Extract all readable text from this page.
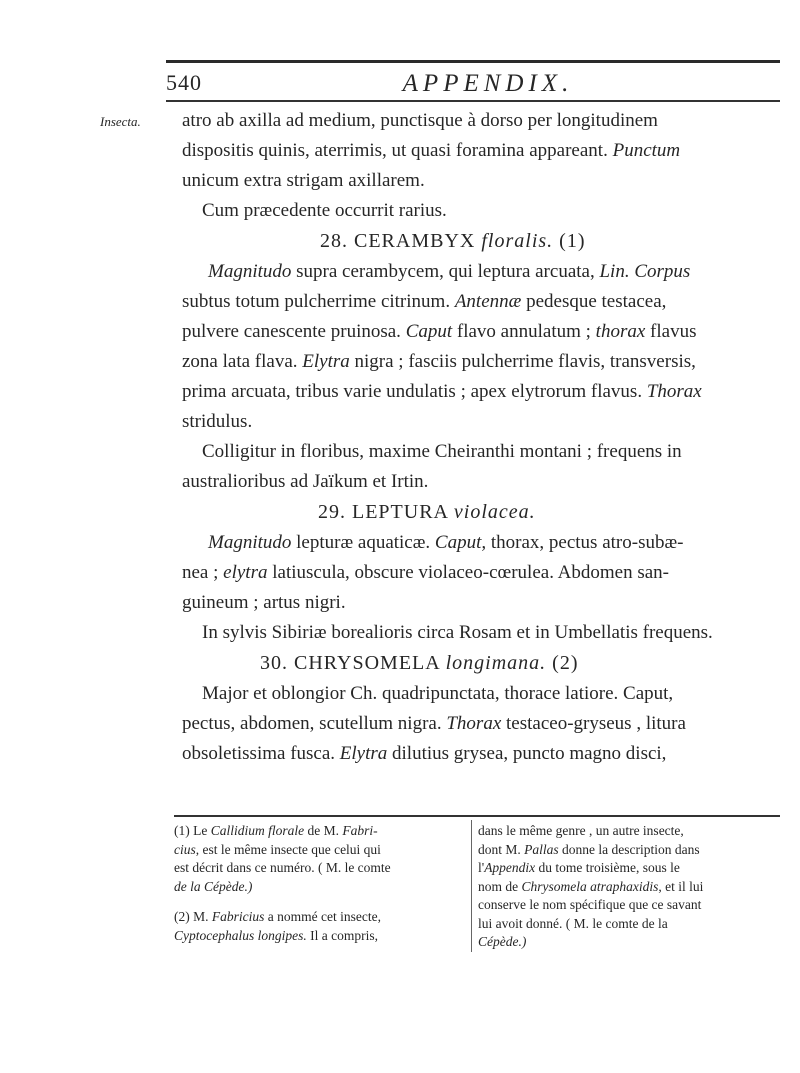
540	APPENDIX.
Insecta. atro ab axilla ad medium, punctisque à dorso per longitudinem
dispositis quinis, aterrimis, ut quasi foramina appareant. Punctum
unicum extra strigam axillarem.
Cum præcedente occurrit rarius.
28. CERAMBYX floralis. (1)
Magnitudo supra cerambycem, qui leptura arcuata, Lin. Corpus
subtus totum pulcherrime citrinum. Antennæ pedesque testacea,
pulvere canescente pruinosa. Caput flavo annulatum ; thorax flavus
zona lata flava. Elytra nigra ; fasciis pulcherrime flavis, transversis,
prima arcuata, tribus varie undulatis ; apex elytrorum flavus. Thorax
stridulus.
Colligitur in floribus, maxime Cheiranthi montani ; frequens in
australioribus ad Jaïkum et Irtin.
29. LEPTURA violacea.
Magnitudo lepturæ aquaticæ. Caput, thorax, pectus atro-subæ-
nea ; elytra latiuscula, obscure violaceo-cœrulea. Abdomen san-
guineum ; artus nigri.
In sylvis Sibiriæ borealioris circa Rosam et in Umbellatis frequens.
30. CHRYSOMELA longimana. (2)
Major et oblongior Ch. quadripunctata, thorace latiore. Caput,
pectus, abdomen, scutellum nigra. Thorax testaceo-gryseus , litura
obsoletissima fusca. Elytra dilutius grysea, puncto magno disci,
(1) Le Callidium florale de M. Fabri-
cius, est le même insecte que celui qui
est décrit dans ce numéro. ( M. le comte
de la Cépède.)
(2) M. Fabricius a nommé cet insecte,
Cyptocephalus longipes. Il a compris,
dans le même genre , un autre insecte,
dont M. Pallas donne la description dans
l'Appendix du tome troisième, sous le
nom de Chrysomela atraphaxidis, et il lui
conserve le nom spécifique que ce savant
lui avoit donné. ( M. le comte de la
Cépède.)
